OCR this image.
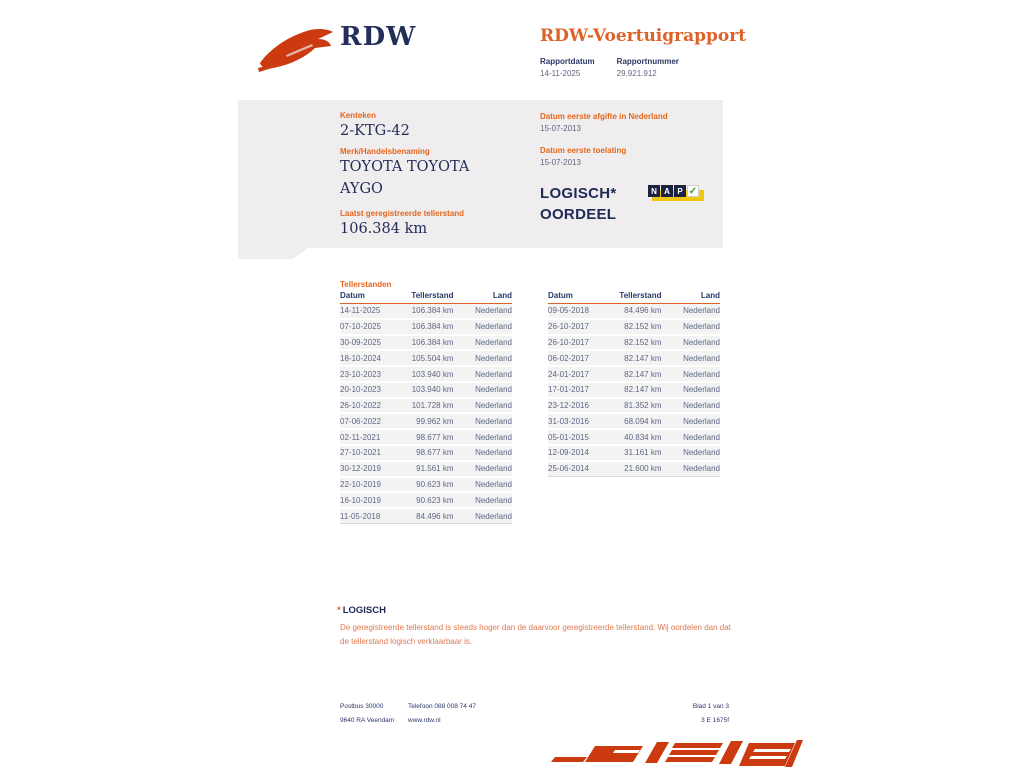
RDW	RDW-Voertuigrapport
Rapportdatum
14-11-2025
Rapportnummer
29.921.912
Kenteken
2-KTG-42
Merk/Handelsbenaming
TOYOTA TOYOTA AYGO
Laatst geregistreerde tellerstand
106.384 km
Datum eerste afgifte in Nederland
15-07-2013
Datum eerste toelating
15-07-2013
LOGISCH*
OORDEEL
N A P ✓
Tellerstanden
Datum	Tellerstand	Land
14-11-2025	106.384 km	Nederland
07-10-2025	106.384 km	Nederland
30-09-2025	106.384 km	Nederland
18-10-2024	105.504 km	Nederland
23-10-2023	103.940 km	Nederland
20-10-2023	103.940 km	Nederland
26-10-2022	101.728 km	Nederland
07-06-2022	99.962 km	Nederland
02-11-2021	98.677 km	Nederland
27-10-2021	98.677 km	Nederland
30-12-2019	91.561 km	Nederland
22-10-2019	90.623 km	Nederland
16-10-2019	90.623 km	Nederland
11-05-2018	84.496 km	Nederland
Datum	Tellerstand	Land
09-05-2018	84.496 km	Nederland
26-10-2017	82.152 km	Nederland
26-10-2017	82.152 km	Nederland
06-02-2017	82.147 km	Nederland
24-01-2017	82.147 km	Nederland
17-01-2017	82.147 km	Nederland
23-12-2016	81.352 km	Nederland
31-03-2016	68.094 km	Nederland
05-01-2015	40.834 km	Nederland
12-09-2014	31.161 km	Nederland
25-06-2014	21.600 km	Nederland
* LOGISCH
De geregistreerde tellerstand is steeds hoger dan de daarvoor geregistreerde tellerstand. Wij oordelen dan dat de tellerstand logisch verklaarbaar is.
Postbus 30000
9640 RA Veendam
Telefoon 088 008 74 47
www.rdw.nl
Blad 1 van 3
3 E 1675f
